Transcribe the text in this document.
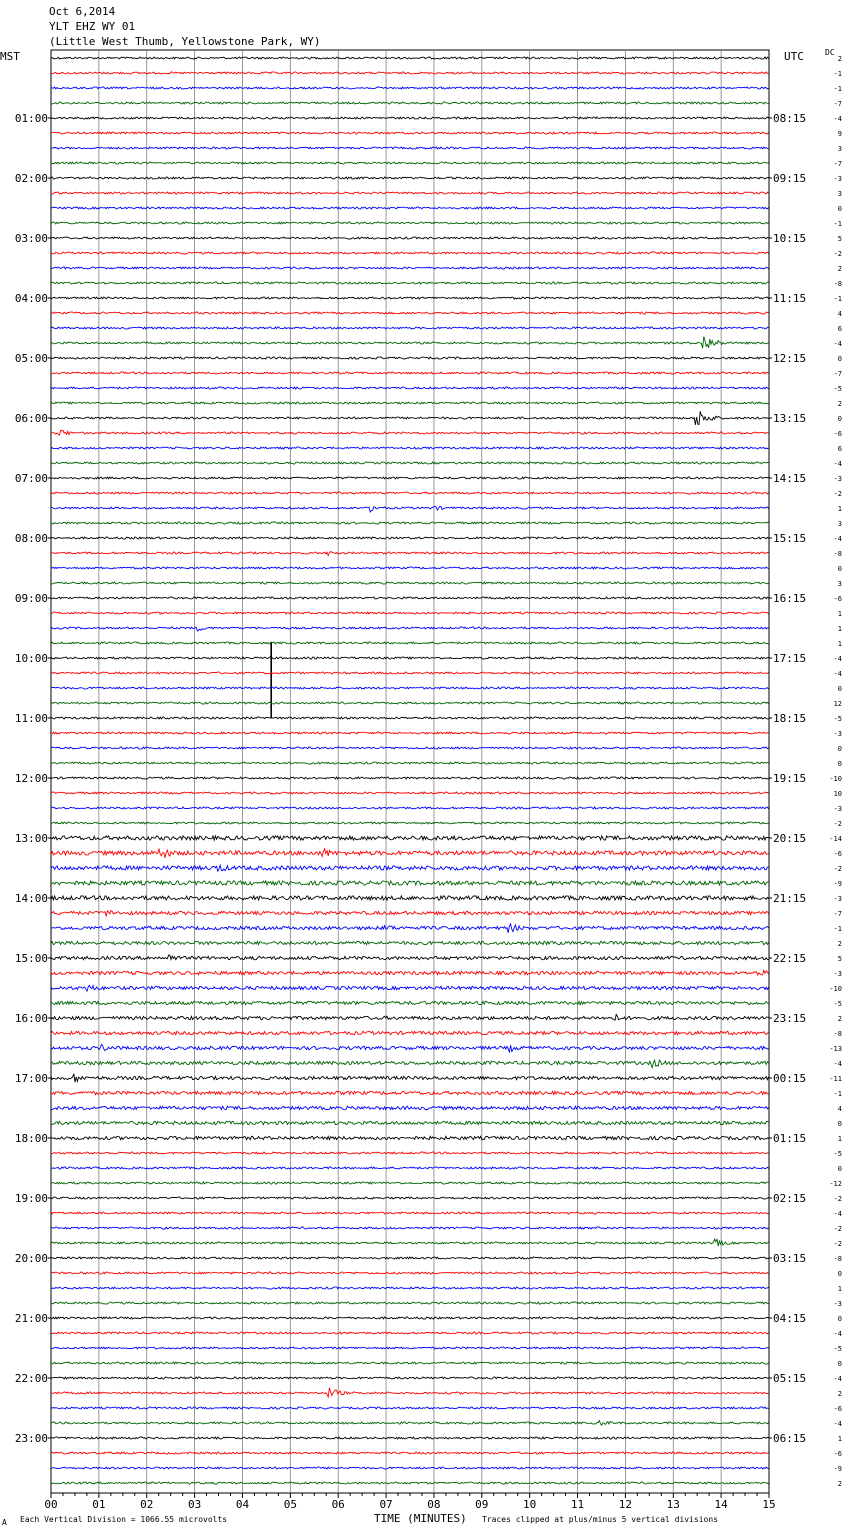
Oct 6,2014
YLT EHZ WY 01
(Little West Thumb, Yellowstone Park, WY)
MST	UTC	DC
00	01	02	03	04	05	06	07	08	09	10	11	12	13	14	15
2
-1
-1
-7
-4
9
3
-7
-3
3
0
-1
5
-2
2
-8
-1
4
6
-4
0
-7
-5
2
0
-6
6
-4
-3
-2
1
3
-4
-8
0
3
-6
1
1
1
-4
-4
0
12
-5
-3
0
0
-10
10
-3
-2
-14
-6
-2
-9
-3
-7
-1
2
5
-3
-10
-5
2
-8
-13
-4
-11
-1
4
0
1
-5
0
-12
-2
-4
-2
-2
-8
0
1
-3
0
-4
-5
0
-4
2
-6
-4
1
-6
-9
2
01:00
02:00
03:00
04:00
05:00
06:00
07:00
08:00
09:00
10:00
11:00
12:00
13:00
14:00
15:00
16:00
17:00
18:00
19:00
20:00
21:00
22:00
23:00
08:15
09:15
10:15
11:15
12:15
13:15
14:15
15:15
16:15
17:15
18:15
19:15
20:15
21:15
22:15
23:15
00:15
01:15
02:15
03:15
04:15
05:15
06:15
A Each Vertical Division = 1066.55 microvolts	TIME (MINUTES) Traces clipped at plus/minus 5 vertical divisions
